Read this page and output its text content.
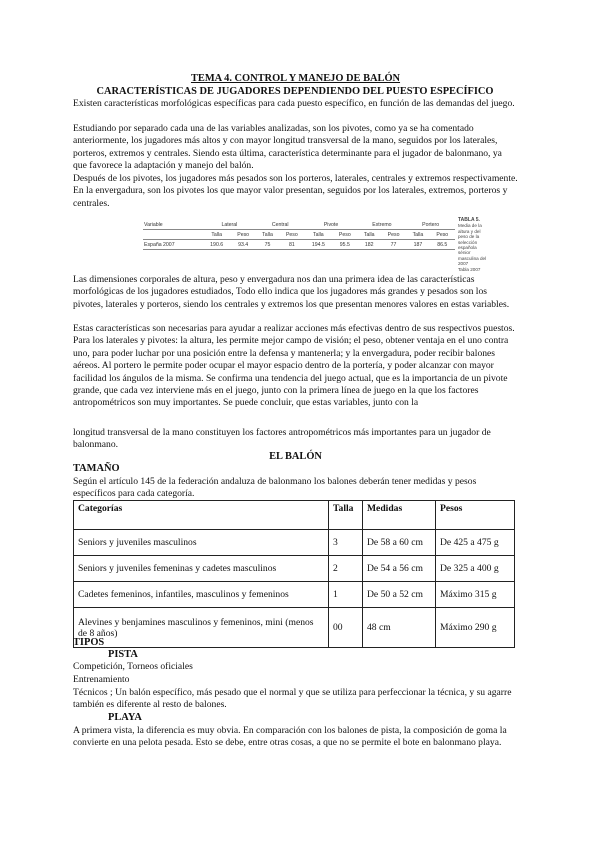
TEMA 4. CONTROL Y MANEJO DE BALÓN

CARACTERÍSTICAS DE JUGADORES DEPENDIENDO DEL PUESTO ESPECÍFICO

Existen características morfológicas específicas para cada puesto específico, en función de las demandas del juego.

Estudiando por separado cada una de las variables analizadas, son los pivotes, como ya se ha comentado anteriormente, los jugadores más altos y con mayor longitud transversal de la mano, seguidos por los laterales, porteros, extremos y centrales. Siendo esta última, característica determinante para el jugador de balonmano, ya que favorece la adaptación y manejo del balón.

Después de los pivotes, los jugadores más pesados son los porteros, laterales, centrales y extremos respectivamente. En la envergadura, son los pivotes los que mayor valor presentan, seguidos por los laterales, extremos, porteros y centrales.

Variable	Lateral		Central		Pivote		Extremo		Portero	
	Talla	Peso	Talla	Peso	Talla	Peso	Talla	Peso	Talla	Peso
España 2007	190.6	93.4	75	81	194.5	95.5	182	77	187	86.5
TABLA 5.
Media de la altura y del peso de la selección española sénior masculina del 2007
Tabla 2007

Las dimensiones corporales de altura, peso y envergadura nos dan una primera idea de las características morfológicas de los jugadores estudiados, Todo ello indica que los jugadores más grandes y pesados son los pivotes, laterales y porteros, siendo los centrales y extremos los que presentan menores valores en estas variables.

Estas características son necesarias para ayudar a realizar acciones más efectivas dentro de sus respectivos puestos. Para los laterales y pivotes: la altura, les permite mejor campo de visión; el peso, obtener ventaja en el uno contra uno, para poder luchar por una posición entre la defensa y mantenerla; y la envergadura, poder recibir balones aéreos. Al portero le permite poder ocupar el mayor espacio dentro de la portería, y poder alcanzar con mayor facilidad los ángulos de la misma. Se confirma una tendencia del juego actual, que es la importancia de un pivote grande, que cada vez interviene más en el juego, junto con la primera línea de juego en la que los factores antropométricos son muy importantes. Se puede concluir, que estas variables, junto con la

longitud transversal de la mano constituyen los factores antropométricos más importantes para un jugador de balonmano.

EL BALÓN

TAMAÑO

Según el artículo 145 de la federación andaluza de balonmano los balones deberán tener medidas y pesos específicos para cada categoría.

Categorías	Talla	Medidas	Pesos
Seniors y juveniles masculinos	3	De 58 a 60 cm	De 425 a 475 g
Seniors y juveniles femeninas y cadetes masculinos	2	De 54 a 56 cm	De 325 a 400 g
Cadetes femeninos, infantiles, masculinos y femeninos	1	De 50 a 52 cm	Máximo 315 g
Alevines y benjamines masculinos y femeninos, mini (menos de 8 años)	00	48 cm	Máximo 290 g

TIPOS

PISTA

Competición, Torneos oficiales

Entrenamiento

Técnicos ; Un balón específico, más pesado que el normal y que se utiliza para perfeccionar la técnica, y su agarre también es diferente al resto de balones.

PLAYA

A primera vista, la diferencia es muy obvia. En comparación con los balones de pista, la composición de goma la convierte en una pelota pesada. Esto se debe, entre otras cosas, a que no se permite el bote en balonmano playa.
